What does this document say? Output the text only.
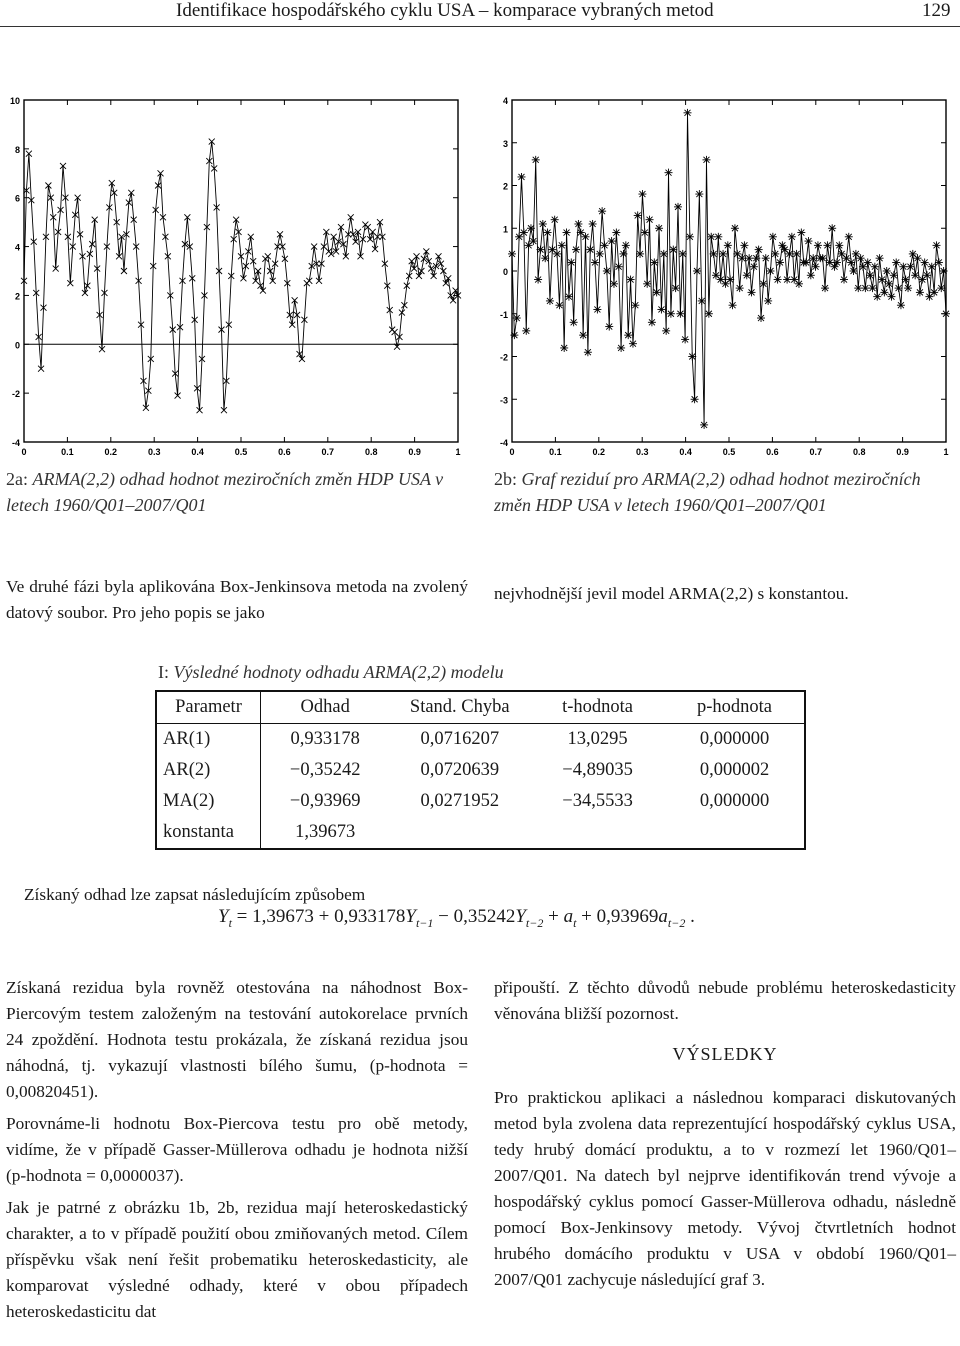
Identifikace hospodářského cyklu USA – komparace vybraných metod	129
-4
-2
0
2
4
6
8
10
0	0.1	0.2	0.3	0.4	0.5	0.6	0.7	0.8	0.9	1
2a: ARMA(2,2) odhad hodnot meziročních změn HDP USA v letech 1960/Q01–2007/Q01
-4
-3
-2
-1
0
1
2
3
4
0	0.1	0.2	0.3	0.4	0.5	0.6	0.7	0.8	0.9	1
2b: Graf reziduí pro ARMA(2,2) odhad hodnot meziročních změn HDP USA v letech 1960/Q01–2007/Q01
Ve druhé fázi byla aplikována Box-Jenkinsova metoda na zvolený datový soubor. Pro jeho popis se jako
nejvhodnější jevil model ARMA(2,2) s konstantou.
I: Výsledné hodnoty odhadu ARMA(2,2) modelu
Parametr	Odhad	Stand. Chyba	t-hodnota	p-hodnota
AR(1)	0,933178	0,0716207	13,0295	0,000000
AR(2)	−0,35242	0,0720639	−4,89035	0,000002
MA(2)	−0,93969	0,0271952	−34,5533	0,000000
konstanta	1,39673			
Získaný odhad lze zapsat následujícím způsobem
$Y_t = 1,39673 + 0,933178Y_{t-1} - 0,35242Y_{t-2} + a_t + 0,93969a_{t-2}$ .

Získaná rezidua byla rovněž otestována na náhodnost Box-Piercovým testem založeným na testování autokorelace prvních 24 zpoždění. Hodnota testu prokázala, že získaná rezidua jsou náhodná, tj. vykazují vlastnosti bílého šumu, (p-hodnota = 0,00820451).

Porovnáme-li hodnotu Box-Piercova testu pro obě metody, vidíme, že v případě Gasser-Müllerova odhadu je hodnota nižší (p-hodnota = 0,0000037).

Jak je patrné z obrázku 1b, 2b, rezidua mají heteroskedastický charakter, a to v případě použití obou zmiňovaných metod. Cílem příspěvku však není řešit probematiku heteroskedasticity, ale komparovat výsledné odhady, které v obou případech heteroskedasticitu dat

připouští. Z těchto důvodů nebude problému heteroskedasticity věnována bližší pozornost.

VÝSLEDKY
Pro praktickou aplikaci a následnou komparaci diskutovaných metod byla zvolena data reprezentující hospodářský cyklus USA, tedy hrubý domácí produktu, a to v rozmezí let 1960/Q01–2007/Q01. Na datech byl nejprve identifikován trend vývoje a hospodářský cyklus pomocí Gasser-Müllerova odhadu, následně pomocí Box-Jenkinsovy metody. Vývoj čtvrtletních hodnot hrubého domácího produktu v USA v období 1960/Q01–2007/Q01 zachycuje následující graf 3.
